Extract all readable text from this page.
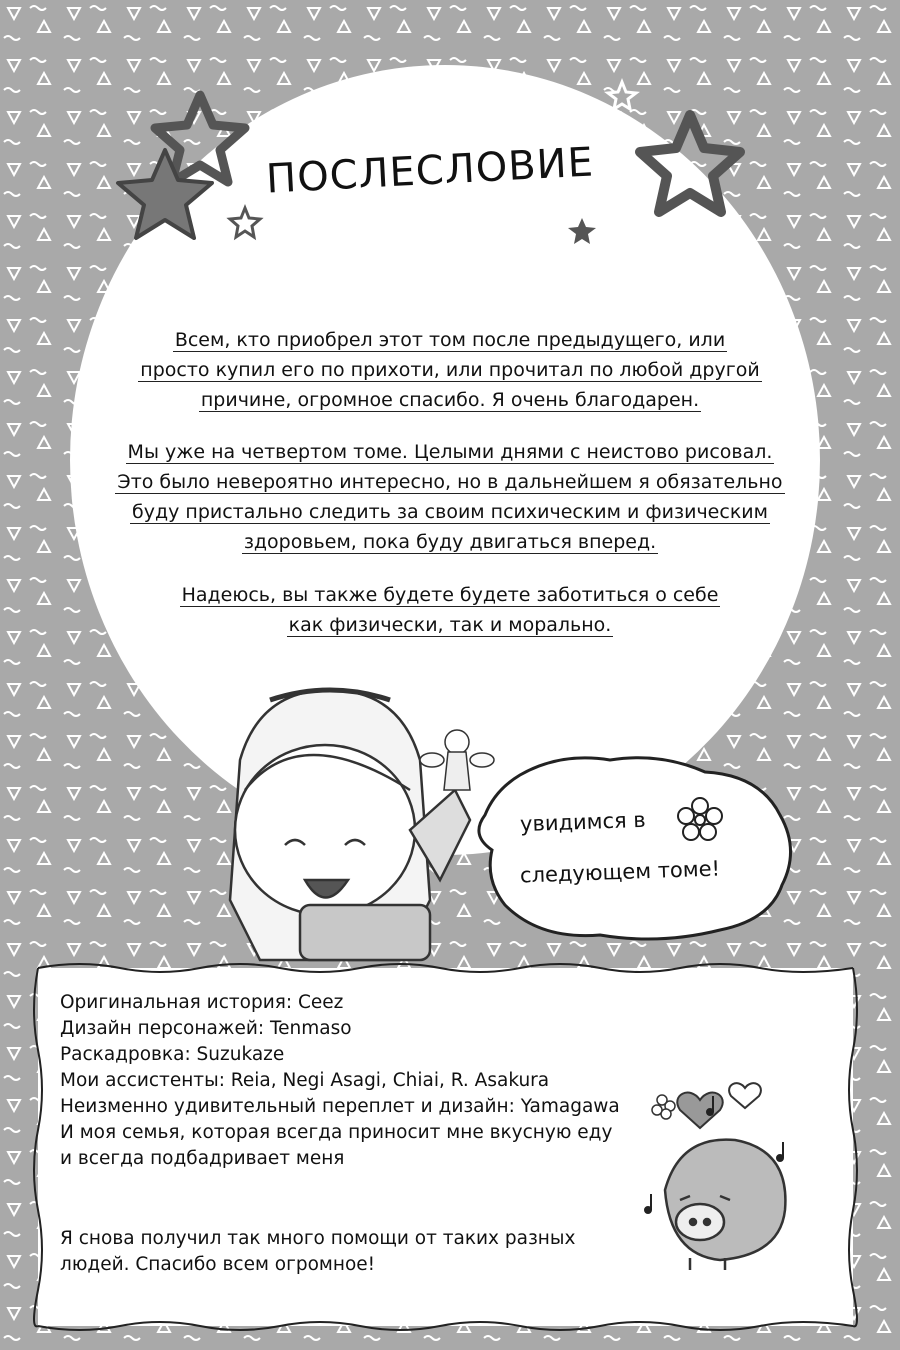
ПОСЛЕСЛОВИЕ
Всем, кто приобрел этот том после предыдущего, или
просто купил его по прихоти, или прочитал по любой другой
причине, огромное спасибо. Я очень благодарен.
Мы уже на четвертом томе. Целыми днями с неистово рисовал.
Это было невероятно интересно, но в дальнейшем я обязательно
буду пристально следить за своим психическим и физическим
здоровьем, пока буду двигаться вперед.
Надеюсь, вы также будете будете заботиться о себе
как физически, так и морально.
увидимся в
следующем томе!
Оригинальная история: Ceez
Дизайн персонажей: Tenmaso
Раскадровка: Suzukaze
Мои ассистенты: Reia, Negi Asagi, Chiai, R. Asakura
Неизменно удивительный переплет и дизайн: Yamagawa
И моя семья, которая всегда приносит мне вкусную еду
и всегда подбадривает меня
Я снова получил так много помощи от таких разных
людей. Спасибо всем огромное!
